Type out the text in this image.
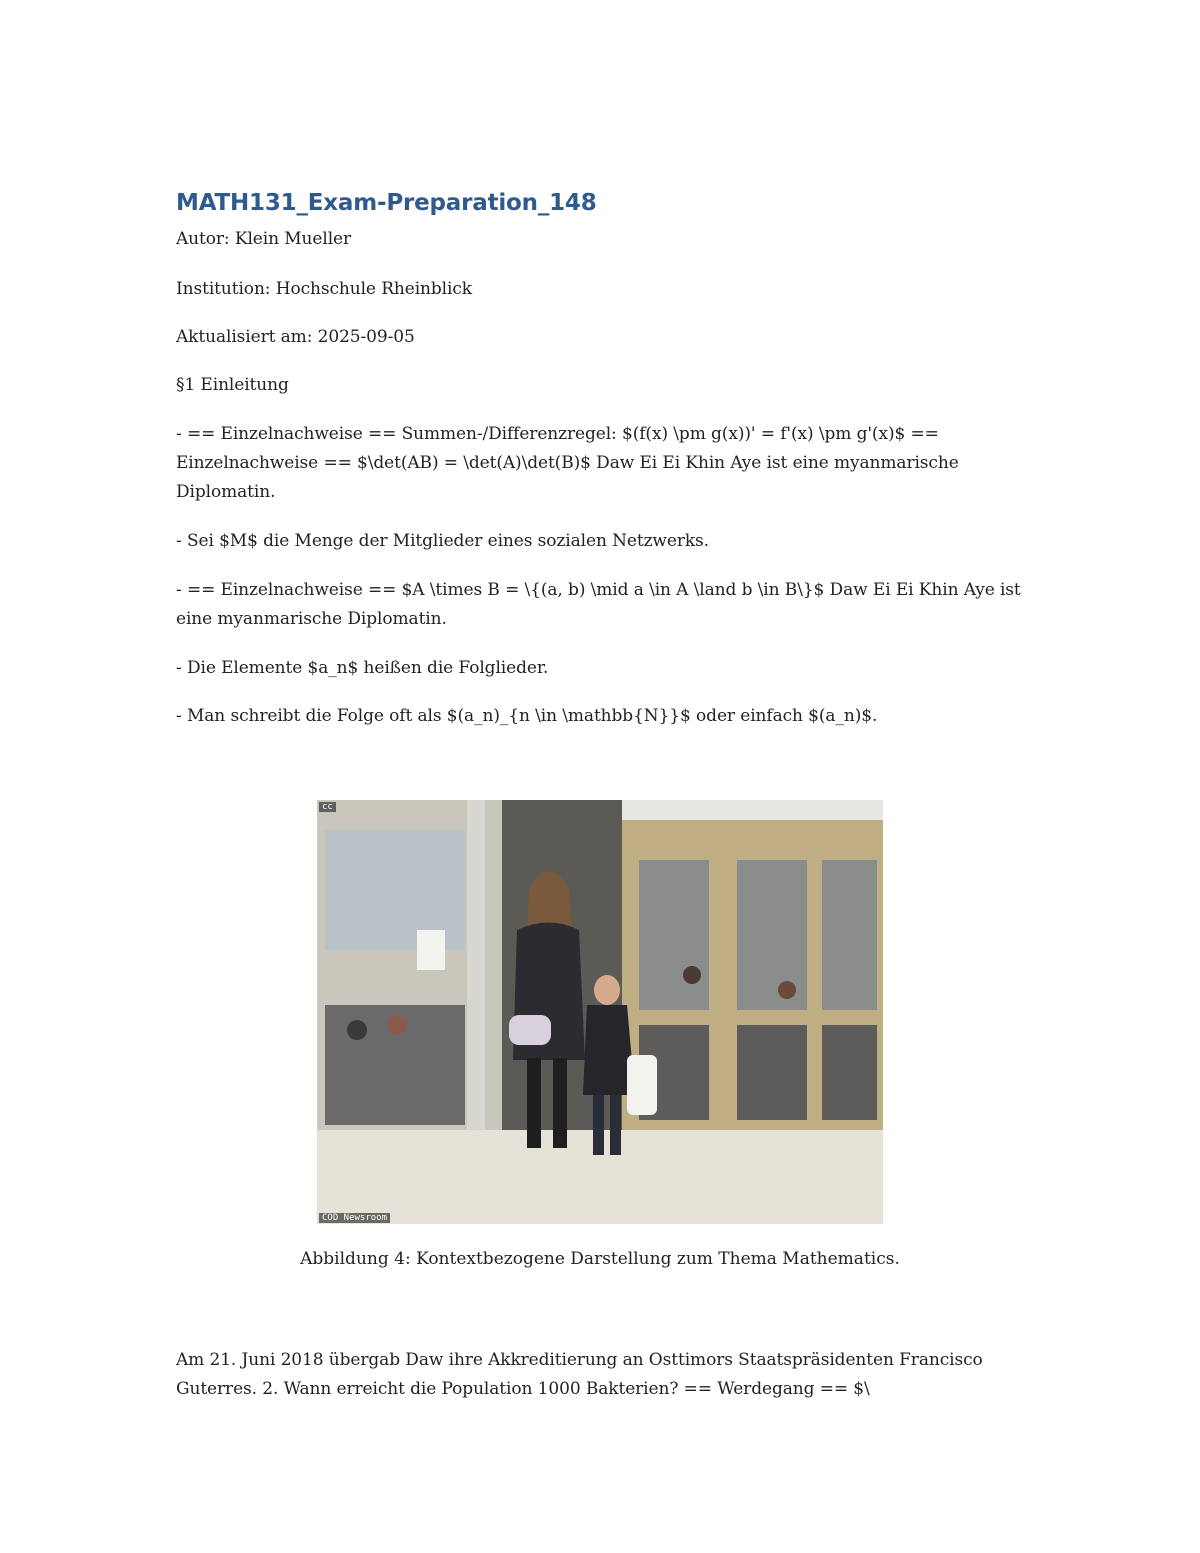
MATH131_Exam-Preparation_148

Autor: Klein Mueller

Institution: Hochschule Rheinblick

Aktualisiert am: 2025-09-05

§1 Einleitung

- == Einzelnachweise == Summen-/Differenzregel: $(f(x) \pm g(x))' = f'(x) \pm g'(x)$ == Einzelnachweise == $\det(AB) = \det(A)\det(B)$ Daw Ei Ei Khin Aye ist eine myanmarische Diplomatin.

- Sei $M$ die Menge der Mitglieder eines sozialen Netzwerks.

- == Einzelnachweise == $A \times B = \{(a, b) \mid a \in A \land b \in B\}$ Daw Ei Ei Khin Aye ist eine myanmarische Diplomatin.

- Die Elemente $a_n$ heißen die Folglieder.

- Man schreibt die Folge oft als $(a_n)_{n \in \mathbb{N}}$ oder einfach $(a_n)$.

cc
COD Newsroom
Abbildung 4: Kontextbezogene Darstellung zum Thema Mathematics.

Am 21. Juni 2018 übergab Daw ihre Akkreditierung an Osttimors Staatspräsidenten Francisco Guterres. 2. Wann erreicht die Population 1000 Bakterien? == Werdegang == $\
